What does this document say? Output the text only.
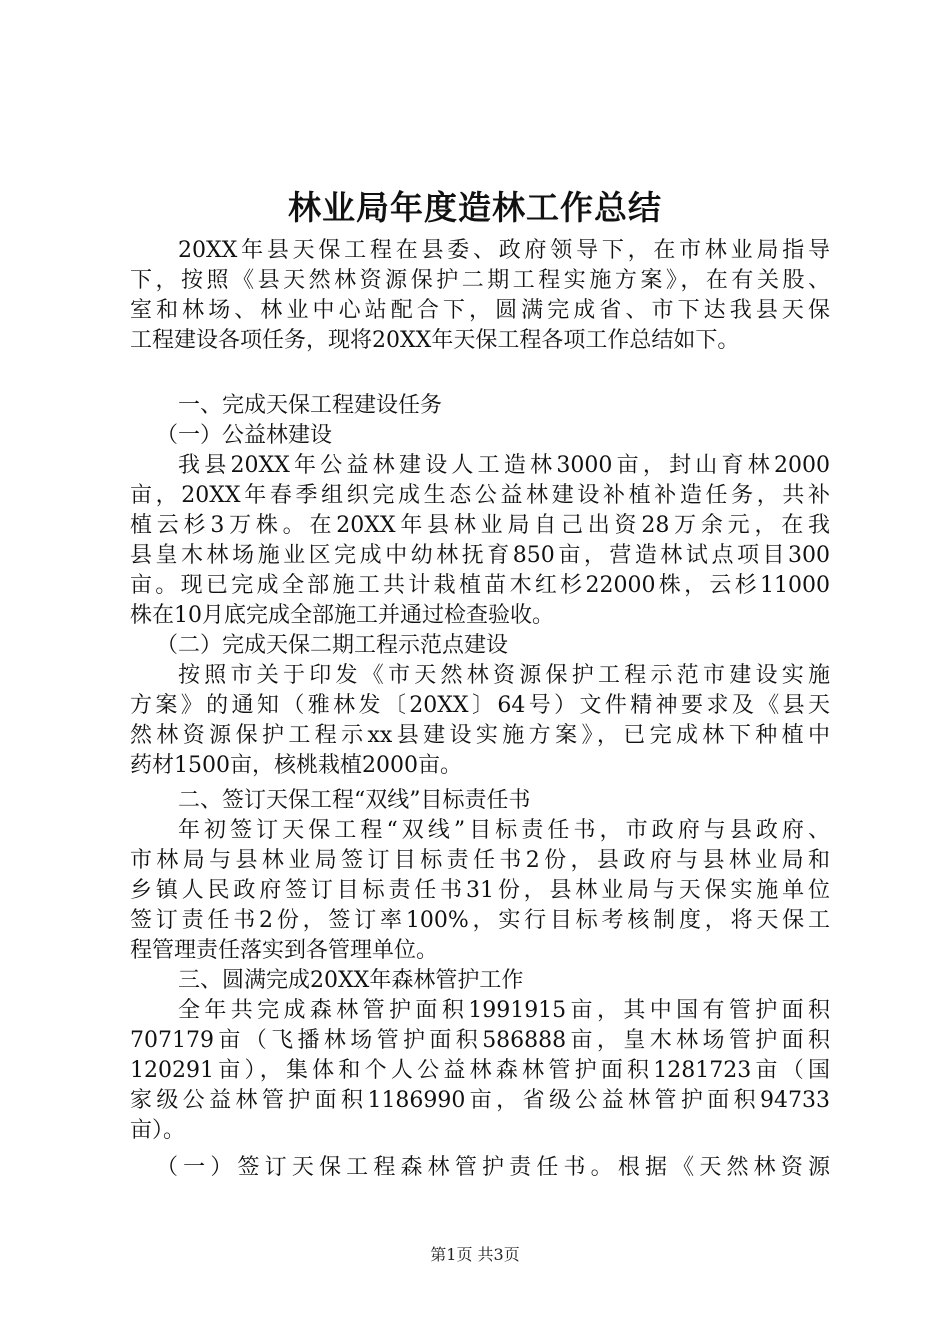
林业局年度造林工作总结

20XX年县天保工程在县委、政府领导下，在市林业局指导

下，按照《县天然林资源保护二期工程实施方案》，在有关股、

室和林场、林业中心站配合下，圆满完成省、市下达我县天保

工程建设各项任务，现将20XX年天保工程各项工作总结如下。

一、完成天保工程建设任务

（一）公益林建设

我县20XX年公益林建设人工造林3000亩，封山育林2000

亩，20XX年春季组织完成生态公益林建设补植补造任务，共补

植云杉3万株。在20XX年县林业局自己出资28万余元，在我

县皇木林场施业区完成中幼林抚育850亩，营造林试点项目300

亩。现已完成全部施工共计栽植苗木红杉22000株，云杉11000

株在10月底完成全部施工并通过检查验收。

（二）完成天保二期工程示范点建设

按照市关于印发《市天然林资源保护工程示范市建设实施

方案》的通知（雅林发〔20XX〕64号）文件精神要求及《县天

然林资源保护工程示xx县建设实施方案》，已完成林下种植中

药材1500亩，核桃栽植2000亩。

二、签订天保工程“双线”目标责任书

年初签订天保工程“双线”目标责任书，市政府与县政府、

市林局与县林业局签订目标责任书2份，县政府与县林业局和

乡镇人民政府签订目标责任书31份，县林业局与天保实施单位

签订责任书2份，签订率100%，实行目标考核制度，将天保工

程管理责任落实到各管理单位。

三、圆满完成20XX年森林管护工作

全年共完成森林管护面积1991915亩，其中国有管护面积

707179亩（飞播林场管护面积586888亩，皇木林场管护面积

120291亩），集体和个人公益林森林管护面积1281723亩（国

家级公益林管护面积1186990亩，省级公益林管护面积94733

亩）。

（一）签订天保工程森林管护责任书。根据《天然林资源

第1页 共3页
